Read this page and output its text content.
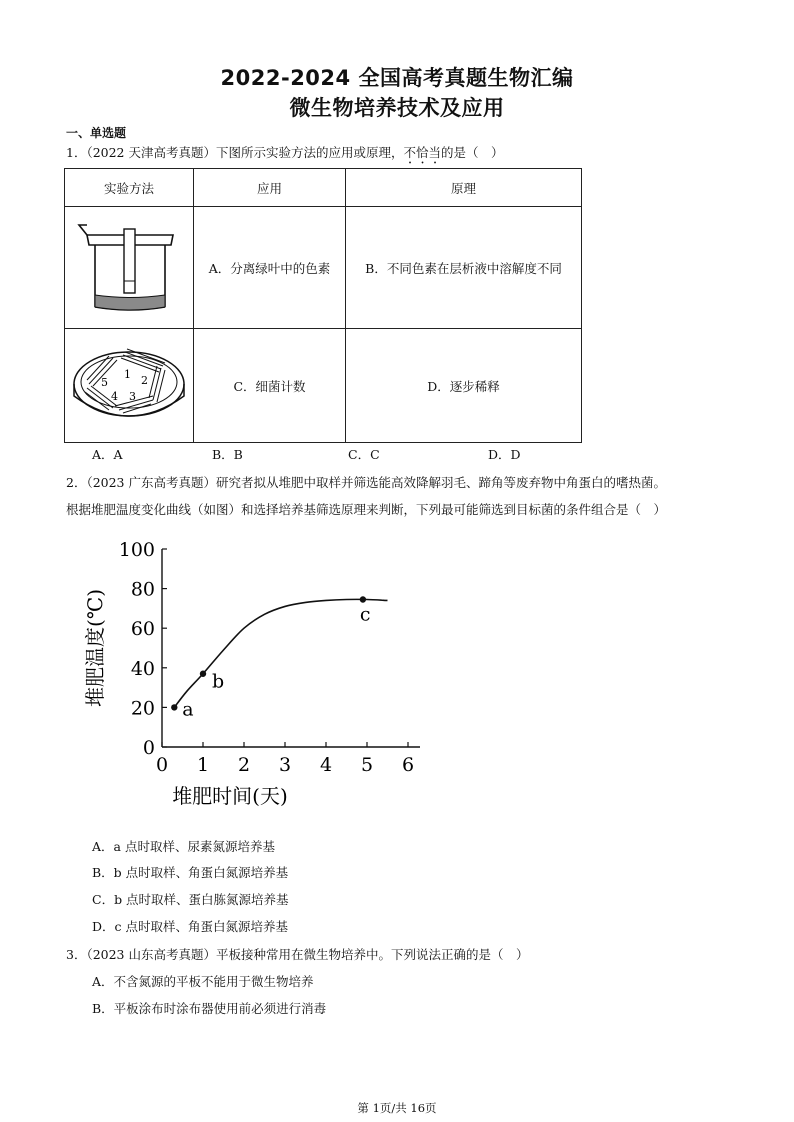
2022-2024 全国高考真题生物汇编
微生物培养技术及应用
一、单选题
1．（2022 天津高考真题）下图所示实验方法的应用或原理，不恰当的是（　）
实验方法	应用	原理
	A．分离绿叶中的色素	B．不同色素在层析液中溶解度不同

1 2
3
4
5	C．细菌计数	D．逐步稀释
A．A	B．B	C．C	D．D
2．（2023 广东高考真题）研究者拟从堆肥中取样并筛选能高效降解羽毛、蹄角等废弃物中角蛋白的嗜热菌。
根据堆肥温度变化曲线（如图）和选择培养基筛选原理来判断，下列最可能筛选到目标菌的条件组合是（　）
0 1 2 3 4 5 6
0
20
40
60
80
100
a
b
c
堆肥时间(天)
堆肥温度(℃)
A．a 点时取样、尿素氮源培养基
B．b 点时取样、角蛋白氮源培养基
C．b 点时取样、蛋白胨氮源培养基
D．c 点时取样、角蛋白氮源培养基
3．（2023 山东高考真题）平板接种常用在微生物培养中。下列说法正确的是（　）
A．不含氮源的平板不能用于微生物培养
B．平板涂布时涂布器使用前必须进行消毒
第 1页/共 16页
